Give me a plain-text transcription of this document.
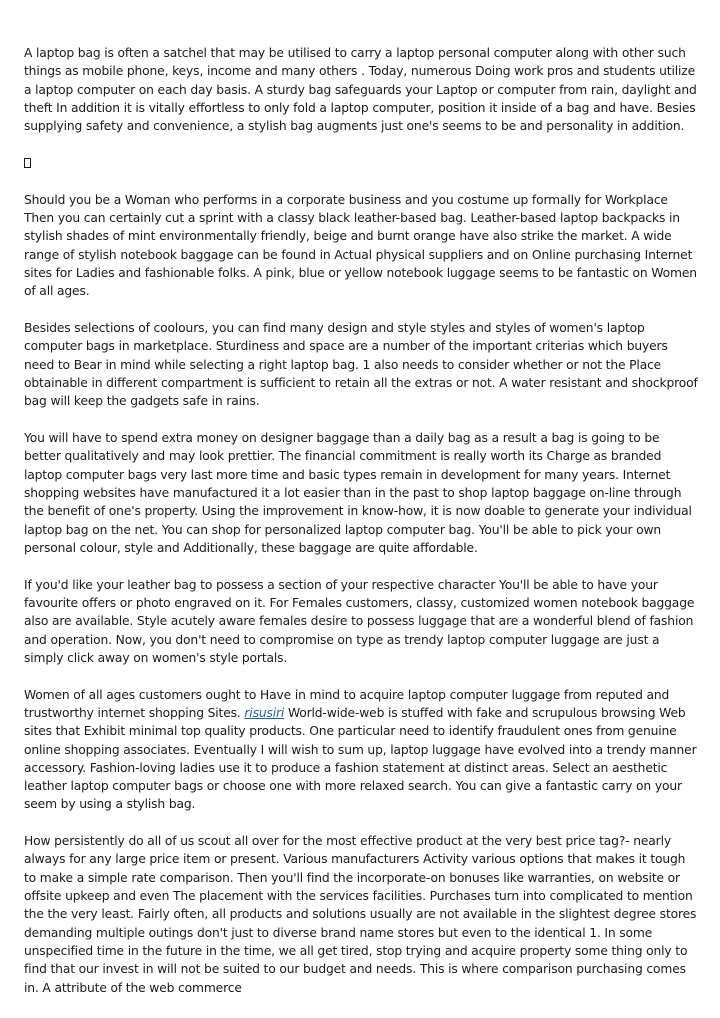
A laptop bag is often a satchel that may be utilised to carry a laptop personal computer along with other such things as mobile phone, keys, income and many others . Today, numerous Doing work pros and students utilize a laptop computer on each day basis. A sturdy bag safeguards your Laptop or computer from rain, daylight and theft In addition it is vitally effortless to only fold a laptop computer, position it inside of a bag and have. Besies supplying safety and convenience, a stylish bag augments just one's seems to be and personality in addition.

Should you be a Woman who performs in a corporate business and you costume up formally for Workplace Then you can certainly cut a sprint with a classy black leather-based bag. Leather-based laptop backpacks in stylish shades of mint environmentally friendly, beige and burnt orange have also strike the market. A wide range of stylish notebook baggage can be found in Actual physical suppliers and on Online purchasing Internet sites for Ladies and fashionable folks. A pink, blue or yellow notebook luggage seems to be fantastic on Women of all ages.

Besides selections of coolours, you can find many design and style styles and styles of women's laptop computer bags in marketplace. Sturdiness and space are a number of the important criterias which buyers need to Bear in mind while selecting a right laptop bag. 1 also needs to consider whether or not the Place obtainable in different compartment is sufficient to retain all the extras or not. A water resistant and shockproof bag will keep the gadgets safe in rains.

You will have to spend extra money on designer baggage than a daily bag as a result a bag is going to be better qualitatively and may look prettier. The financial commitment is really worth its Charge as branded laptop computer bags very last more time and basic types remain in development for many years. Internet shopping websites have manufactured it a lot easier than in the past to shop laptop baggage on-line through the benefit of one's property. Using the improvement in know-how, it is now doable to generate your individual laptop bag on the net. You can shop for personalized laptop computer bag. You'll be able to pick your own personal colour, style and Additionally, these baggage are quite affordable.

If you'd like your leather bag to possess a section of your respective character You'll be able to have your favourite offers or photo engraved on it. For Females customers, classy, customized women notebook baggage also are available. Style acutely aware females desire to possess luggage that are a wonderful blend of fashion and operation. Now, you don't need to compromise on type as trendy laptop computer luggage are just a simply click away on women's style portals.

Women of all ages customers ought to Have in mind to acquire laptop computer luggage from reputed and trustworthy internet shopping Sites. risusiri World-wide-web is stuffed with fake and scrupulous browsing Web sites that Exhibit minimal top quality products. One particular need to identify fraudulent ones from genuine online shopping associates. Eventually I will wish to sum up, laptop luggage have evolved into a trendy manner accessory. Fashion-loving ladies use it to produce a fashion statement at distinct areas. Select an aesthetic leather laptop computer bags or choose one with more relaxed search. You can give a fantastic carry on your seem by using a stylish bag.

How persistently do all of us scout all over for the most effective product at the very best price tag?- nearly always for any large price item or present. Various manufacturers Activity various options that makes it tough to make a simple rate comparison. Then you'll find the incorporate-on bonuses like warranties, on website or offsite upkeep and even The placement with the services facilities. Purchases turn into complicated to mention the the very least. Fairly often, all products and solutions usually are not available in the slightest degree stores demanding multiple outings don't just to diverse brand name stores but even to the identical 1. In some unspecified time in the future in the time, we all get tired, stop trying and acquire property some thing only to find that our invest in will not be suited to our budget and needs. This is where comparison purchasing comes in. A attribute of the web commerce
